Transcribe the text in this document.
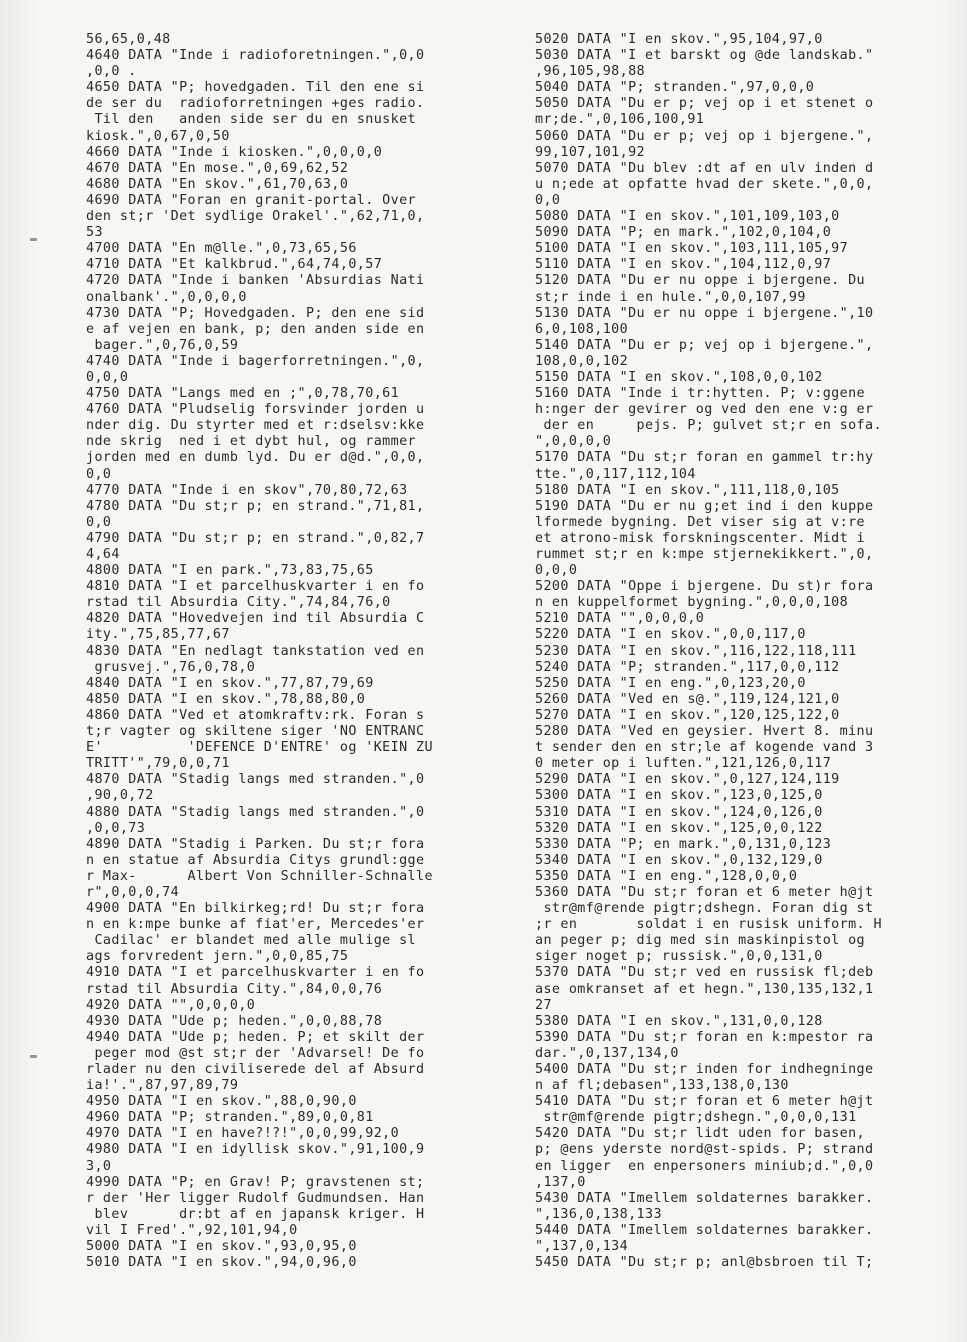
56,65,0,48
4640 DATA "Inde i radioforetningen.",0,0
,0,0 .
4650 DATA "P; hovedgaden. Til den ene si
de ser du  radioforretningen +ges radio.
Til den   anden side ser du en snusket
kiosk.",0,67,0,50
4660 DATA "Inde i kiosken.",0,0,0,0
4670 DATA "En mose.",0,69,62,52
4680 DATA "En skov.",61,70,63,0
4690 DATA "Foran en granit-portal. Over
den st;r 'Det sydlige Orakel'.",62,71,0,
53
4700 DATA "En m@lle.",0,73,65,56
4710 DATA "Et kalkbrud.",64,74,0,57
4720 DATA "Inde i banken 'Absurdias Nati
onalbank'.",0,0,0,0
4730 DATA "P; Hovedgaden. P; den ene sid
e af vejen en bank, p; den anden side en
bager.",0,76,0,59
4740 DATA "Inde i bagerforretningen.",0,
0,0,0
4750 DATA "Langs med en ;",0,78,70,61
4760 DATA "Pludselig forsvinder jorden u
nder dig. Du styrter med et r:dselsv:kke
nde skrig  ned i et dybt hul, og rammer
jorden med en dumb lyd. Du er d@d.",0,0,
0,0
4770 DATA "Inde i en skov",70,80,72,63
4780 DATA "Du st;r p; en strand.",71,81,
0,0
4790 DATA "Du st;r p; en strand.",0,82,7
4,64
4800 DATA "I en park.",73,83,75,65
4810 DATA "I et parcelhuskvarter i en fo
rstad til Absurdia City.",74,84,76,0
4820 DATA "Hovedvejen ind til Absurdia C
ity.",75,85,77,67
4830 DATA "En nedlagt tankstation ved en
grusvej.",76,0,78,0
4840 DATA "I en skov.",77,87,79,69
4850 DATA "I en skov.",78,88,80,0
4860 DATA "Ved et atomkraftv:rk. Foran s
t;r vagter og skiltene siger 'NO ENTRANC
E'          'DEFENCE D'ENTRE' og 'KEIN ZU
TRITT'",79,0,0,71
4870 DATA "Stadig langs med stranden.",0
,90,0,72
4880 DATA "Stadig langs med stranden.",0
,0,0,73
4890 DATA "Stadig i Parken. Du st;r fora
n en statue af Absurdia Citys grundl:gge
r Max-      Albert Von Schniller-Schnalle
r",0,0,0,74
4900 DATA "En bilkirkeg;rd! Du st;r fora
n en k:mpe bunke af fiat'er, Mercedes'er
Cadilac' er blandet med alle mulige sl
ags forvredent jern.",0,0,85,75
4910 DATA "I et parcelhuskvarter i en fo
rstad til Absurdia City.",84,0,0,76
4920 DATA "",0,0,0,0
4930 DATA "Ude p; heden.",0,0,88,78
4940 DATA "Ude p; heden. P; et skilt der
peger mod @st st;r der 'Advarsel! De fo
rlader nu den civiliserede del af Absurd
ia!'.",87,97,89,79
4950 DATA "I en skov.",88,0,90,0
4960 DATA "P; stranden.",89,0,0,81
4970 DATA "I en have?!?!",0,0,99,92,0
4980 DATA "I en idyllisk skov.",91,100,9
3,0
4990 DATA "P; en Grav! P; gravstenen st;
r der 'Her ligger Rudolf Gudmundsen. Han
blev      dr:bt af en japansk kriger. H
vil I Fred'.",92,101,94,0
5000 DATA "I en skov.",93,0,95,0
5010 DATA "I en skov.",94,0,96,0
5020 DATA "I en skov.",95,104,97,0
5030 DATA "I et barskt og @de landskab."
,96,105,98,88
5040 DATA "P; stranden.",97,0,0,0
5050 DATA "Du er p; vej op i et stenet o
mr;de.",0,106,100,91
5060 DATA "Du er p; vej op i bjergene.",
99,107,101,92
5070 DATA "Du blev :dt af en ulv inden d
u n;ede at opfatte hvad der skete.",0,0,
0,0
5080 DATA "I en skov.",101,109,103,0
5090 DATA "P; en mark.",102,0,104,0
5100 DATA "I en skov.",103,111,105,97
5110 DATA "I en skov.",104,112,0,97
5120 DATA "Du er nu oppe i bjergene. Du
st;r inde i en hule.",0,0,107,99
5130 DATA "Du er nu oppe i bjergene.",10
6,0,108,100
5140 DATA "Du er p; vej op i bjergene.",
108,0,0,102
5150 DATA "I en skov.",108,0,0,102
5160 DATA "Inde i tr:hytten. P; v:ggene
h:nger der gevirer og ved den ene v:g er
der en     pejs. P; gulvet st;r en sofa.
",0,0,0,0
5170 DATA "Du st;r foran en gammel tr:hy
tte.",0,117,112,104
5180 DATA "I en skov.",111,118,0,105
5190 DATA "Du er nu g;et ind i den kuppe
lformede bygning. Det viser sig at v:re
et atrono-misk forskningscenter. Midt i
rummet st;r en k:mpe stjernekikkert.",0,
0,0,0
5200 DATA "Oppe i bjergene. Du st)r fora
n en kuppelformet bygning.",0,0,0,108
5210 DATA "",0,0,0,0
5220 DATA "I en skov.",0,0,117,0
5230 DATA "I en skov.",116,122,118,111
5240 DATA "P; stranden.",117,0,0,112
5250 DATA "I en eng.",0,123,20,0
5260 DATA "Ved en s@.",119,124,121,0
5270 DATA "I en skov.",120,125,122,0
5280 DATA "Ved en geysier. Hvert 8. minu
t sender den en str;le af kogende vand 3
0 meter op i luften.",121,126,0,117
5290 DATA "I en skov.",0,127,124,119
5300 DATA "I en skov.",123,0,125,0
5310 DATA "I en skov.",124,0,126,0
5320 DATA "I en skov.",125,0,0,122
5330 DATA "P; en mark.",0,131,0,123
5340 DATA "I en skov.",0,132,129,0
5350 DATA "I en eng.",128,0,0,0
5360 DATA "Du st;r foran et 6 meter h@jt
str@mf@rende pigtr;dshegn. Foran dig st
;r en       soldat i en rusisk uniform. H
an peger p; dig med sin maskinpistol og
siger noget p; russisk.",0,0,131,0
5370 DATA "Du st;r ved en russisk fl;deb
ase omkranset af et hegn.",130,135,132,1
27
5380 DATA "I en skov.",131,0,0,128
5390 DATA "Du st;r foran en k:mpestor ra
dar.",0,137,134,0
5400 DATA "Du st;r inden for indhegninge
n af fl;debasen",133,138,0,130
5410 DATA "Du st;r foran et 6 meter h@jt
str@mf@rende pigtr;dshegn.",0,0,0,131
5420 DATA "Du st;r lidt uden for basen,
p; @ens yderste nord@st-spids. P; strand
en ligger  en enpersoners miniub;d.",0,0
,137,0
5430 DATA "Imellem soldaternes barakker.
",136,0,138,133
5440 DATA "Imellem soldaternes barakker.
",137,0,134
5450 DATA "Du st;r p; anl@bsbroen til T;
